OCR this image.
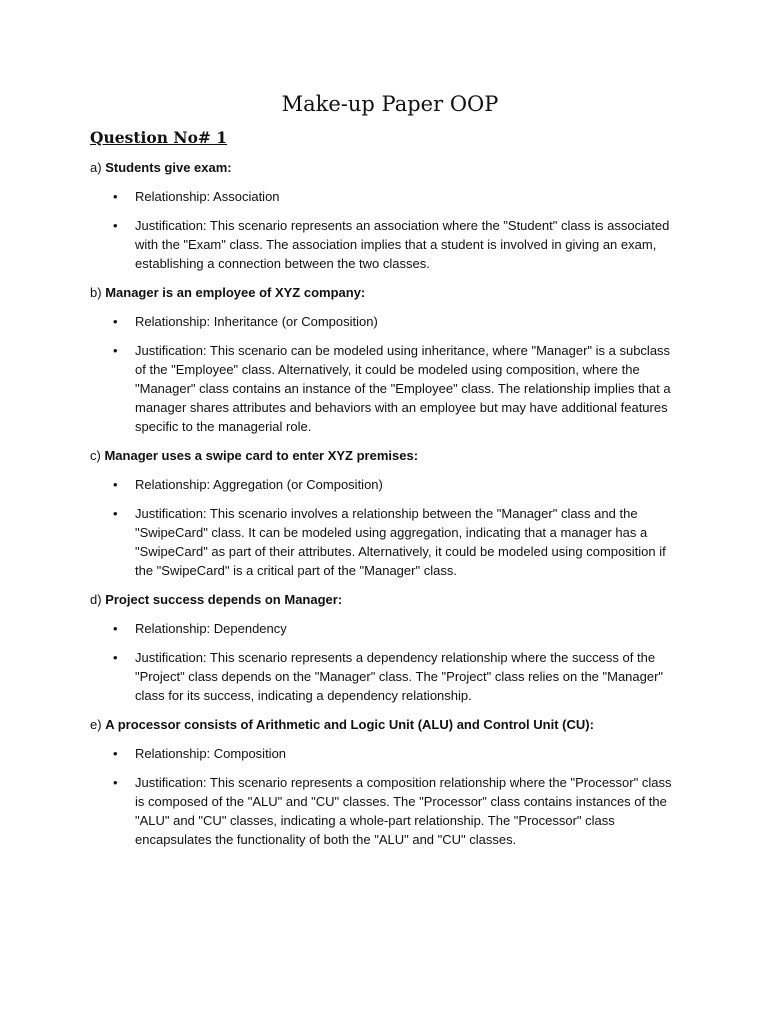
Make-up Paper OOP
Question No# 1

a) Students give exam:

• Relationship: Association
• Justification: This scenario represents an association where the "Student" class is associated with the "Exam" class. The association implies that a student is involved in giving an exam, establishing a connection between the two classes.

b) Manager is an employee of XYZ company:

• Relationship: Inheritance (or Composition)
• Justification: This scenario can be modeled using inheritance, where "Manager" is a subclass of the "Employee" class. Alternatively, it could be modeled using composition, where the "Manager" class contains an instance of the "Employee" class. The relationship implies that a manager shares attributes and behaviors with an employee but may have additional features specific to the managerial role.

c) Manager uses a swipe card to enter XYZ premises:

• Relationship: Aggregation (or Composition)
• Justification: This scenario involves a relationship between the "Manager" class and the "SwipeCard" class. It can be modeled using aggregation, indicating that a manager has a "SwipeCard" as part of their attributes. Alternatively, it could be modeled using composition if the "SwipeCard" is a critical part of the "Manager" class.

d) Project success depends on Manager:

• Relationship: Dependency
• Justification: This scenario represents a dependency relationship where the success of the "Project" class depends on the "Manager" class. The "Project" class relies on the "Manager" class for its success, indicating a dependency relationship.

e) A processor consists of Arithmetic and Logic Unit (ALU) and Control Unit (CU):

• Relationship: Composition
• Justification: This scenario represents a composition relationship where the "Processor" class is composed of the "ALU" and "CU" classes. The "Processor" class contains instances of the "ALU" and "CU" classes, indicating a whole-part relationship. The "Processor" class encapsulates the functionality of both the "ALU" and "CU" classes.
